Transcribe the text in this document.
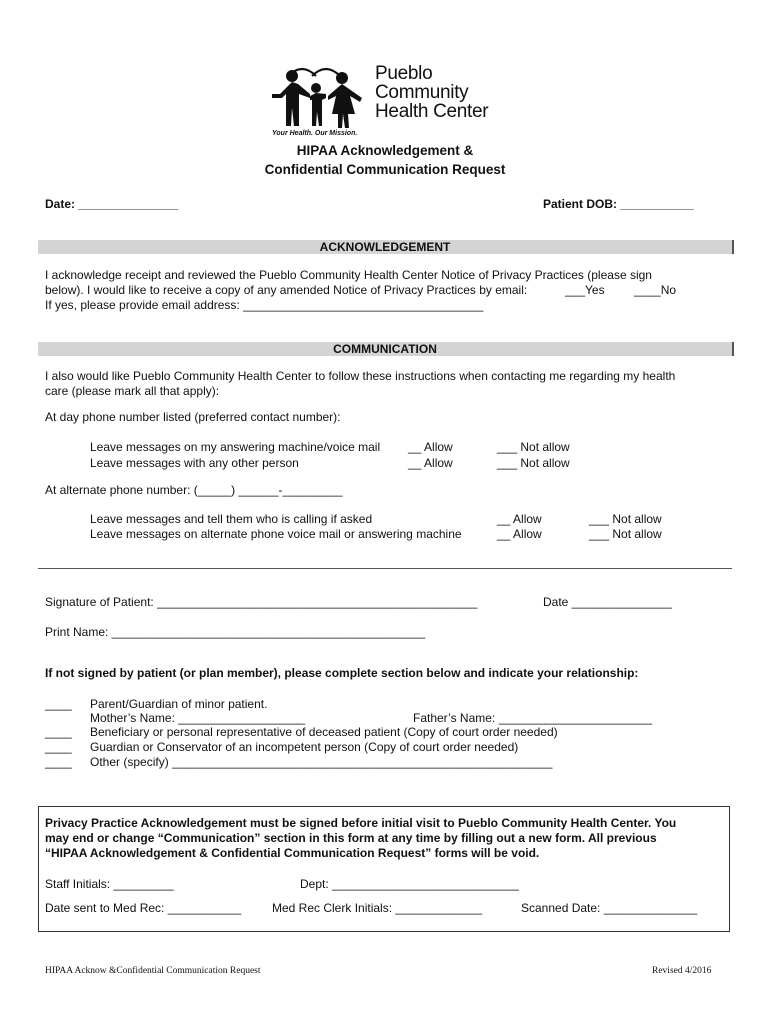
Pueblo
Community
Health Center
Your Health. Our Mission.
HIPAA Acknowledgement &
Confidential Communication Request
Date: _______________	Patient DOB: ___________
ACKNOWLEDGEMENT
I acknowledge receipt and reviewed the Pueblo Community Health Center Notice of Privacy Practices (please sign
below). I would like to receive a copy of any amended Notice of Privacy Practices by email:	___Yes ____No
If yes, please provide email address: ____________________________________
COMMUNICATION
I also would like Pueblo Community Health Center to follow these instructions when contacting me regarding my health
care (please mark all that apply):
At day phone number listed (preferred contact number):
Leave messages on my answering machine/voice mail __ Allow	___ Not allow
Leave messages with any other person	__ Allow	___ Not allow
At alternate phone number: (_____) ______-_________
Leave messages and tell them who is calling if asked	__ Allow	___ Not allow
Leave messages on alternate phone voice mail or answering machine	__ Allow	___ Not allow
Signature of Patient: ________________________________________________	Date _______________
Print Name: _______________________________________________
If not signed by patient (or plan member), please complete section below and indicate your relationship:
____ Parent/Guardian of minor patient.
Mother’s Name: ___________________	Father’s Name: _______________________
____ Beneficiary or personal representative of deceased patient (Copy of court order needed)
____ Guardian or Conservator of an incompetent person (Copy of court order needed)
____ Other (specify) _________________________________________________________
Privacy Practice Acknowledgement must be signed before initial visit to Pueblo Community Health Center. You
may end or change “Communication” section in this form at any time by filling out a new form. All previous
“HIPAA Acknowledgement & Confidential Communication Request” forms will be void.
Staff Initials: _________	Dept: ____________________________
Date sent to Med Rec: ___________	Med Rec Clerk Initials: _____________	Scanned Date: ______________
HIPAA Acknow &Confidential Communication Request	Revised 4/2016
